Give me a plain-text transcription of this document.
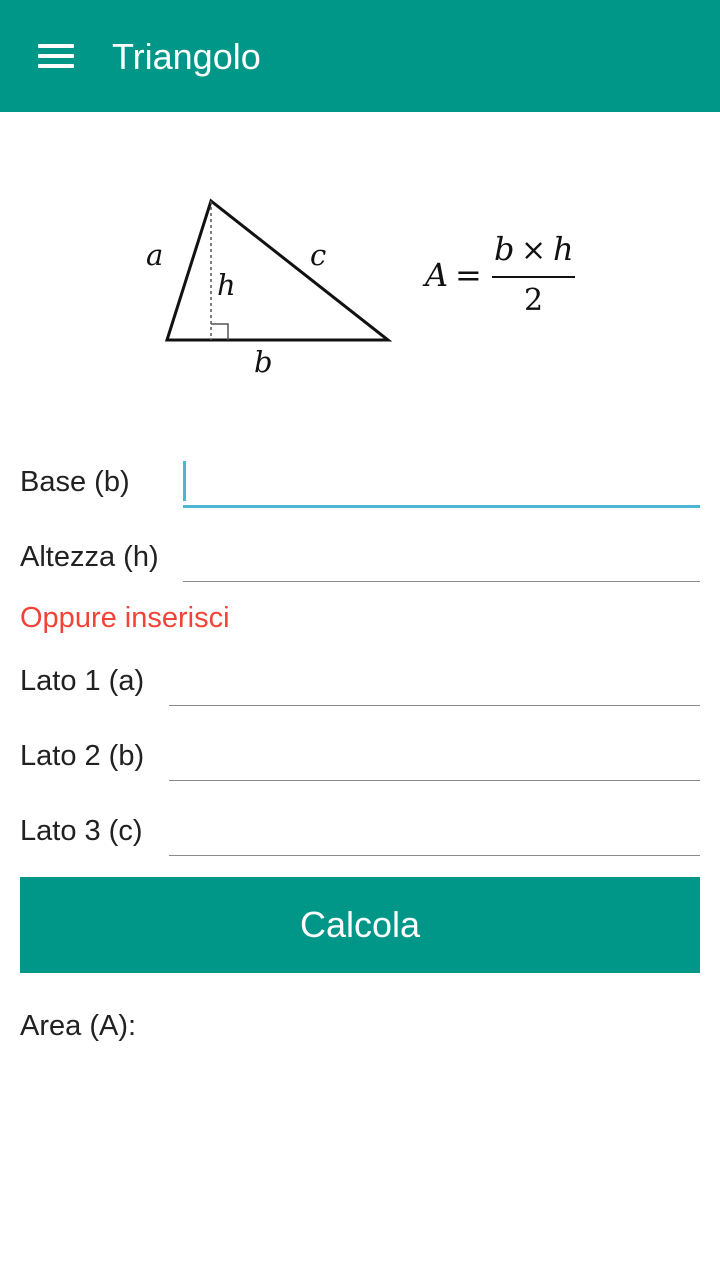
Triangolo
a
h
c
b
A =
b × h
2
Base (b)
Altezza (h)
Oppure inserisci
Lato 1 (a)
Lato 2 (b)
Lato 3 (c)
Calcola
Area (A):
